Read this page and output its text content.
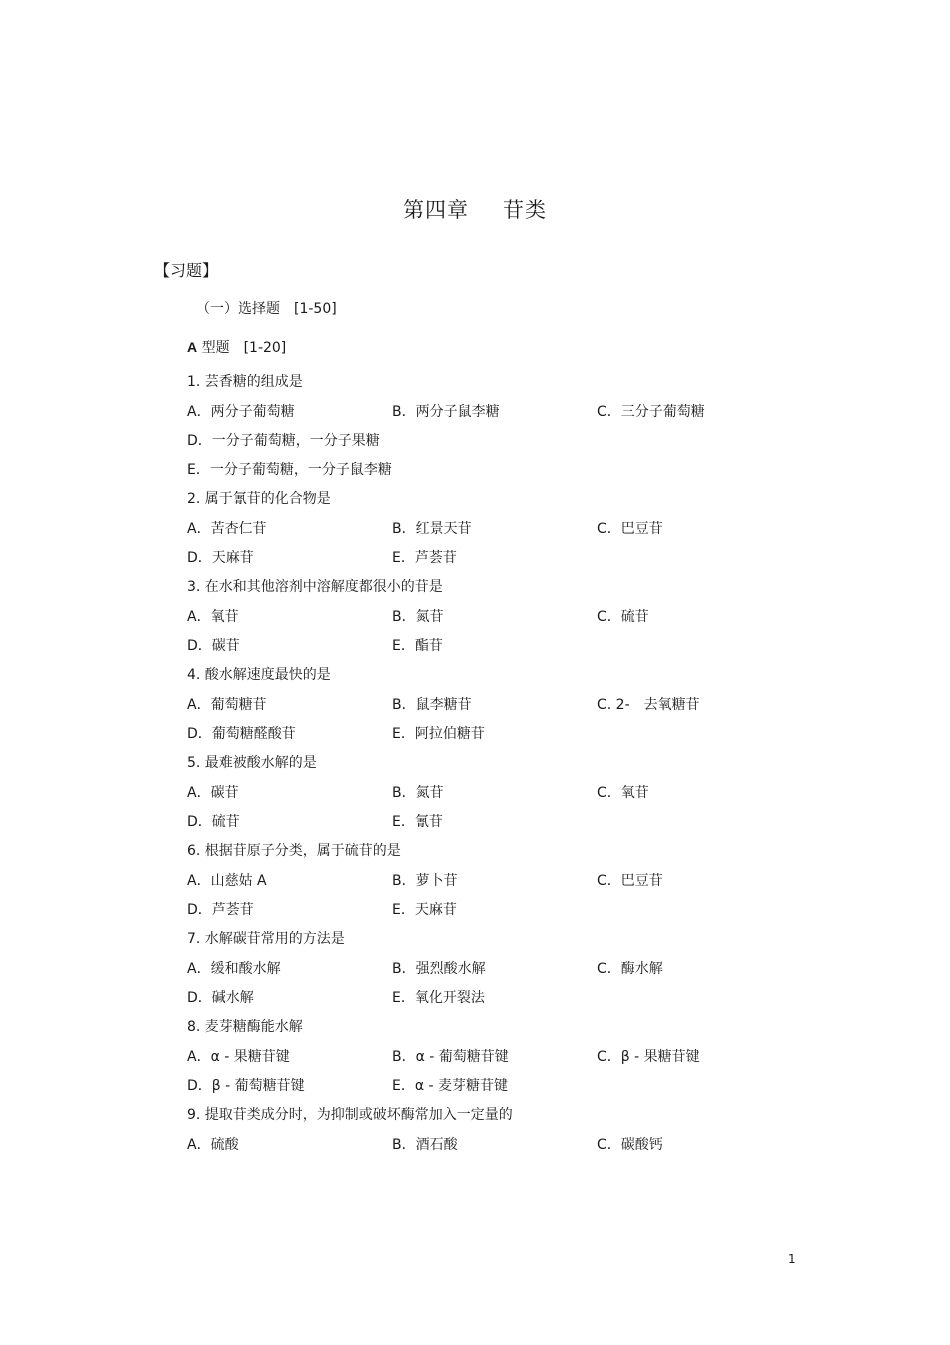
第四章 苷类
【习题】
（一）选择题　[1-50]
A 型题　[1-20]
1. 芸香糖的组成是
A．两分子葡萄糖	B．两分子鼠李糖	C．三分子葡萄糖
D．一分子葡萄糖，一分子果糖
E．一分子葡萄糖，一分子鼠李糖
2. 属于氰苷的化合物是
A．苦杏仁苷	B．红景天苷	C．巴豆苷
D．天麻苷	E．芦荟苷
3. 在水和其他溶剂中溶解度都很小的苷是
A．氧苷	B．氮苷	C．硫苷
D．碳苷	E．酯苷
4. 酸水解速度最快的是
A．葡萄糖苷	B．鼠李糖苷	C. 2-　去氧糖苷
D．葡萄糖醛酸苷	E．阿拉伯糖苷
5. 最难被酸水解的是
A．碳苷	B．氮苷	C．氧苷
D．硫苷	E．氰苷
6. 根据苷原子分类，属于硫苷的是
A．山慈姑 A	B．萝卜苷	C．巴豆苷
D．芦荟苷	E．天麻苷
7. 水解碳苷常用的方法是
A．缓和酸水解	B．强烈酸水解	C．酶水解
D．碱水解	E．氧化开裂法
8. 麦芽糖酶能水解
A．α - 果糖苷键	B．α - 葡萄糖苷键	C．β - 果糖苷键
D．β - 葡萄糖苷键	E．α - 麦芽糖苷键
9. 提取苷类成分时，为抑制或破坏酶常加入一定量的
A．硫酸	B．酒石酸	C．碳酸钙
1
